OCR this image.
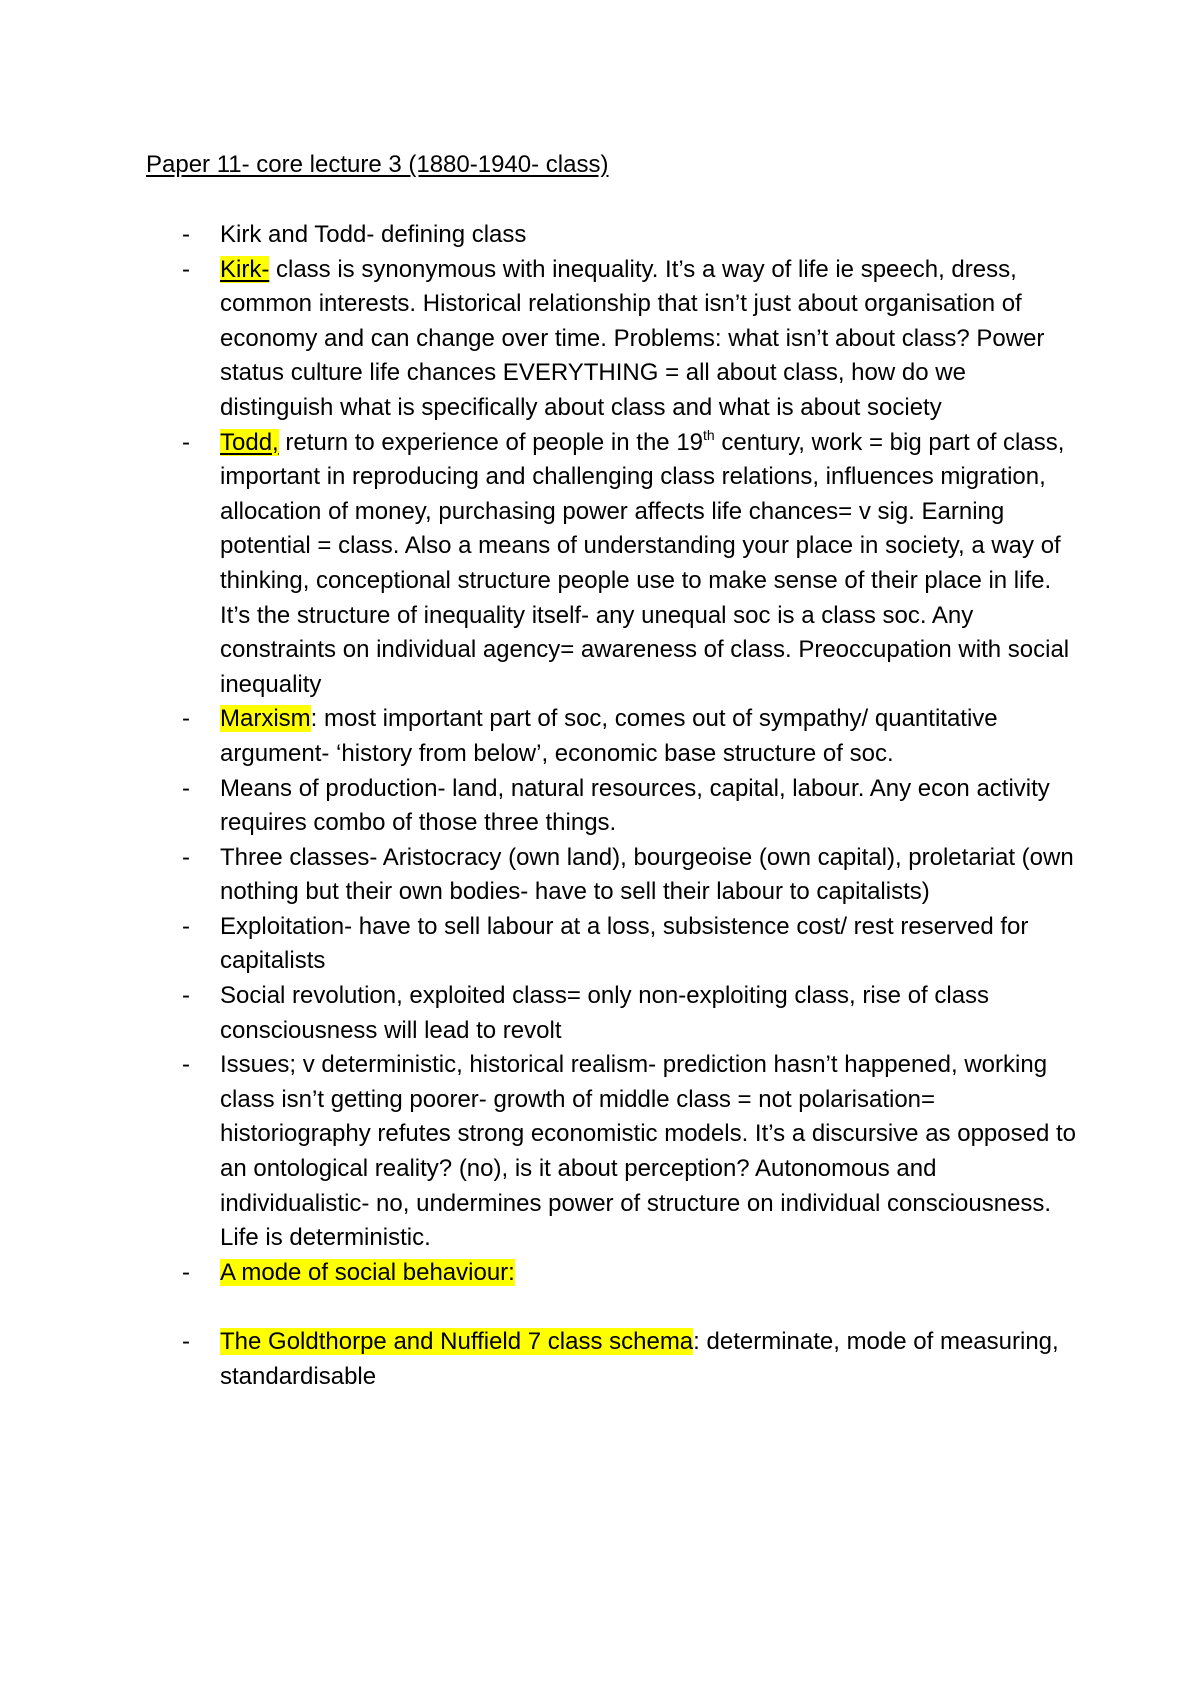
Paper 11- core lecture 3 (1880-1940- class)
- Kirk and Todd- defining class
- Kirk- class is synonymous with inequality. It’s a way of life ie speech, dress, common interests. Historical relationship that isn’t just about organisation of economy and can change over time. Problems: what isn’t about class? Power status culture life chances EVERYTHING = all about class, how do we distinguish what is specifically about class and what is about society
- Todd, return to experience of people in the 19th century, work = big part of class, important in reproducing and challenging class relations, influences migration, allocation of money, purchasing power affects life chances= v sig. Earning potential = class. Also a means of understanding your place in society, a way of thinking, conceptional structure people use to make sense of their place in life. It’s the structure of inequality itself- any unequal soc is a class soc. Any constraints on individual agency= awareness of class. Preoccupation with social inequality
- Marxism: most important part of soc, comes out of sympathy/ quantitative argument- ‘history from below’, economic base structure of soc.
- Means of production- land, natural resources, capital, labour. Any econ activity requires combo of those three things.
- Three classes- Aristocracy (own land), bourgeoise (own capital), proletariat (own nothing but their own bodies- have to sell their labour to capitalists)
- Exploitation- have to sell labour at a loss, subsistence cost/ rest reserved for capitalists
- Social revolution, exploited class= only non-exploiting class, rise of class consciousness will lead to revolt
- Issues; v deterministic, historical realism- prediction hasn’t happened, working class isn’t getting poorer- growth of middle class = not polarisation= historiography refutes strong economistic models. It’s a discursive as opposed to an ontological reality? (no), is it about perception? Autonomous and individualistic- no, undermines power of structure on individual consciousness. Life is deterministic.
- A mode of social behaviour:
- The Goldthorpe and Nuffield 7 class schema: determinate, mode of measuring, standardisable
